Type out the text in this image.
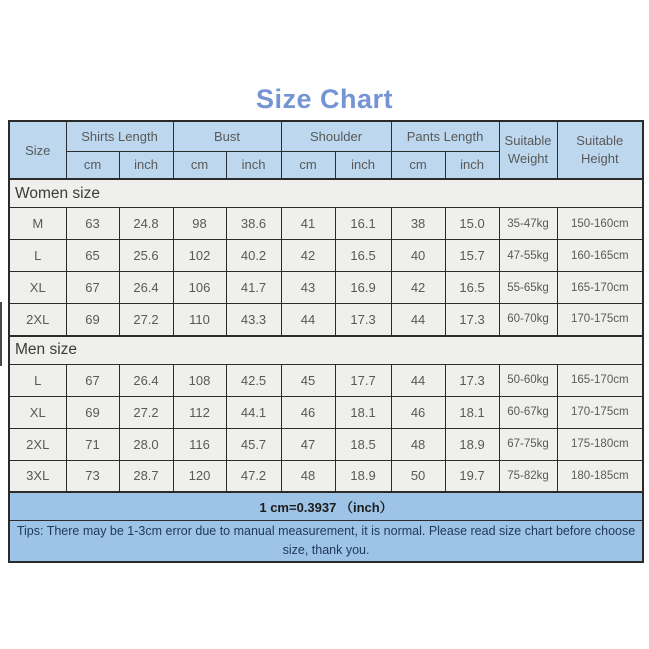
Size Chart
Size	Shirts Length		Bust		Shoulder		Pants Length		Suitable Weight	Suitable Height
	cm	inch	cm	inch	cm	inch	cm	inch		
Women size										
M	63	24.8	98	38.6	41	16.1	38	15.0	35-47kg	150-160cm
L	65	25.6	102	40.2	42	16.5	40	15.7	47-55kg	160-165cm
XL	67	26.4	106	41.7	43	16.9	42	16.5	55-65kg	165-170cm
2XL	69	27.2	110	43.3	44	17.3	44	17.3	60-70kg	170-175cm
Men size										
L	67	26.4	108	42.5	45	17.7	44	17.3	50-60kg	165-170cm
XL	69	27.2	112	44.1	46	18.1	46	18.1	60-67kg	170-175cm
2XL	71	28.0	116	45.7	47	18.5	48	18.9	67-75kg	175-180cm
3XL	73	28.7	120	47.2	48	18.9	50	19.7	75-82kg	180-185cm
1 cm=0.3937 （inch）										
Tips: There may be 1-3cm error due to manual measurement, it is normal. Please read size chart before choose size, thank you.										
